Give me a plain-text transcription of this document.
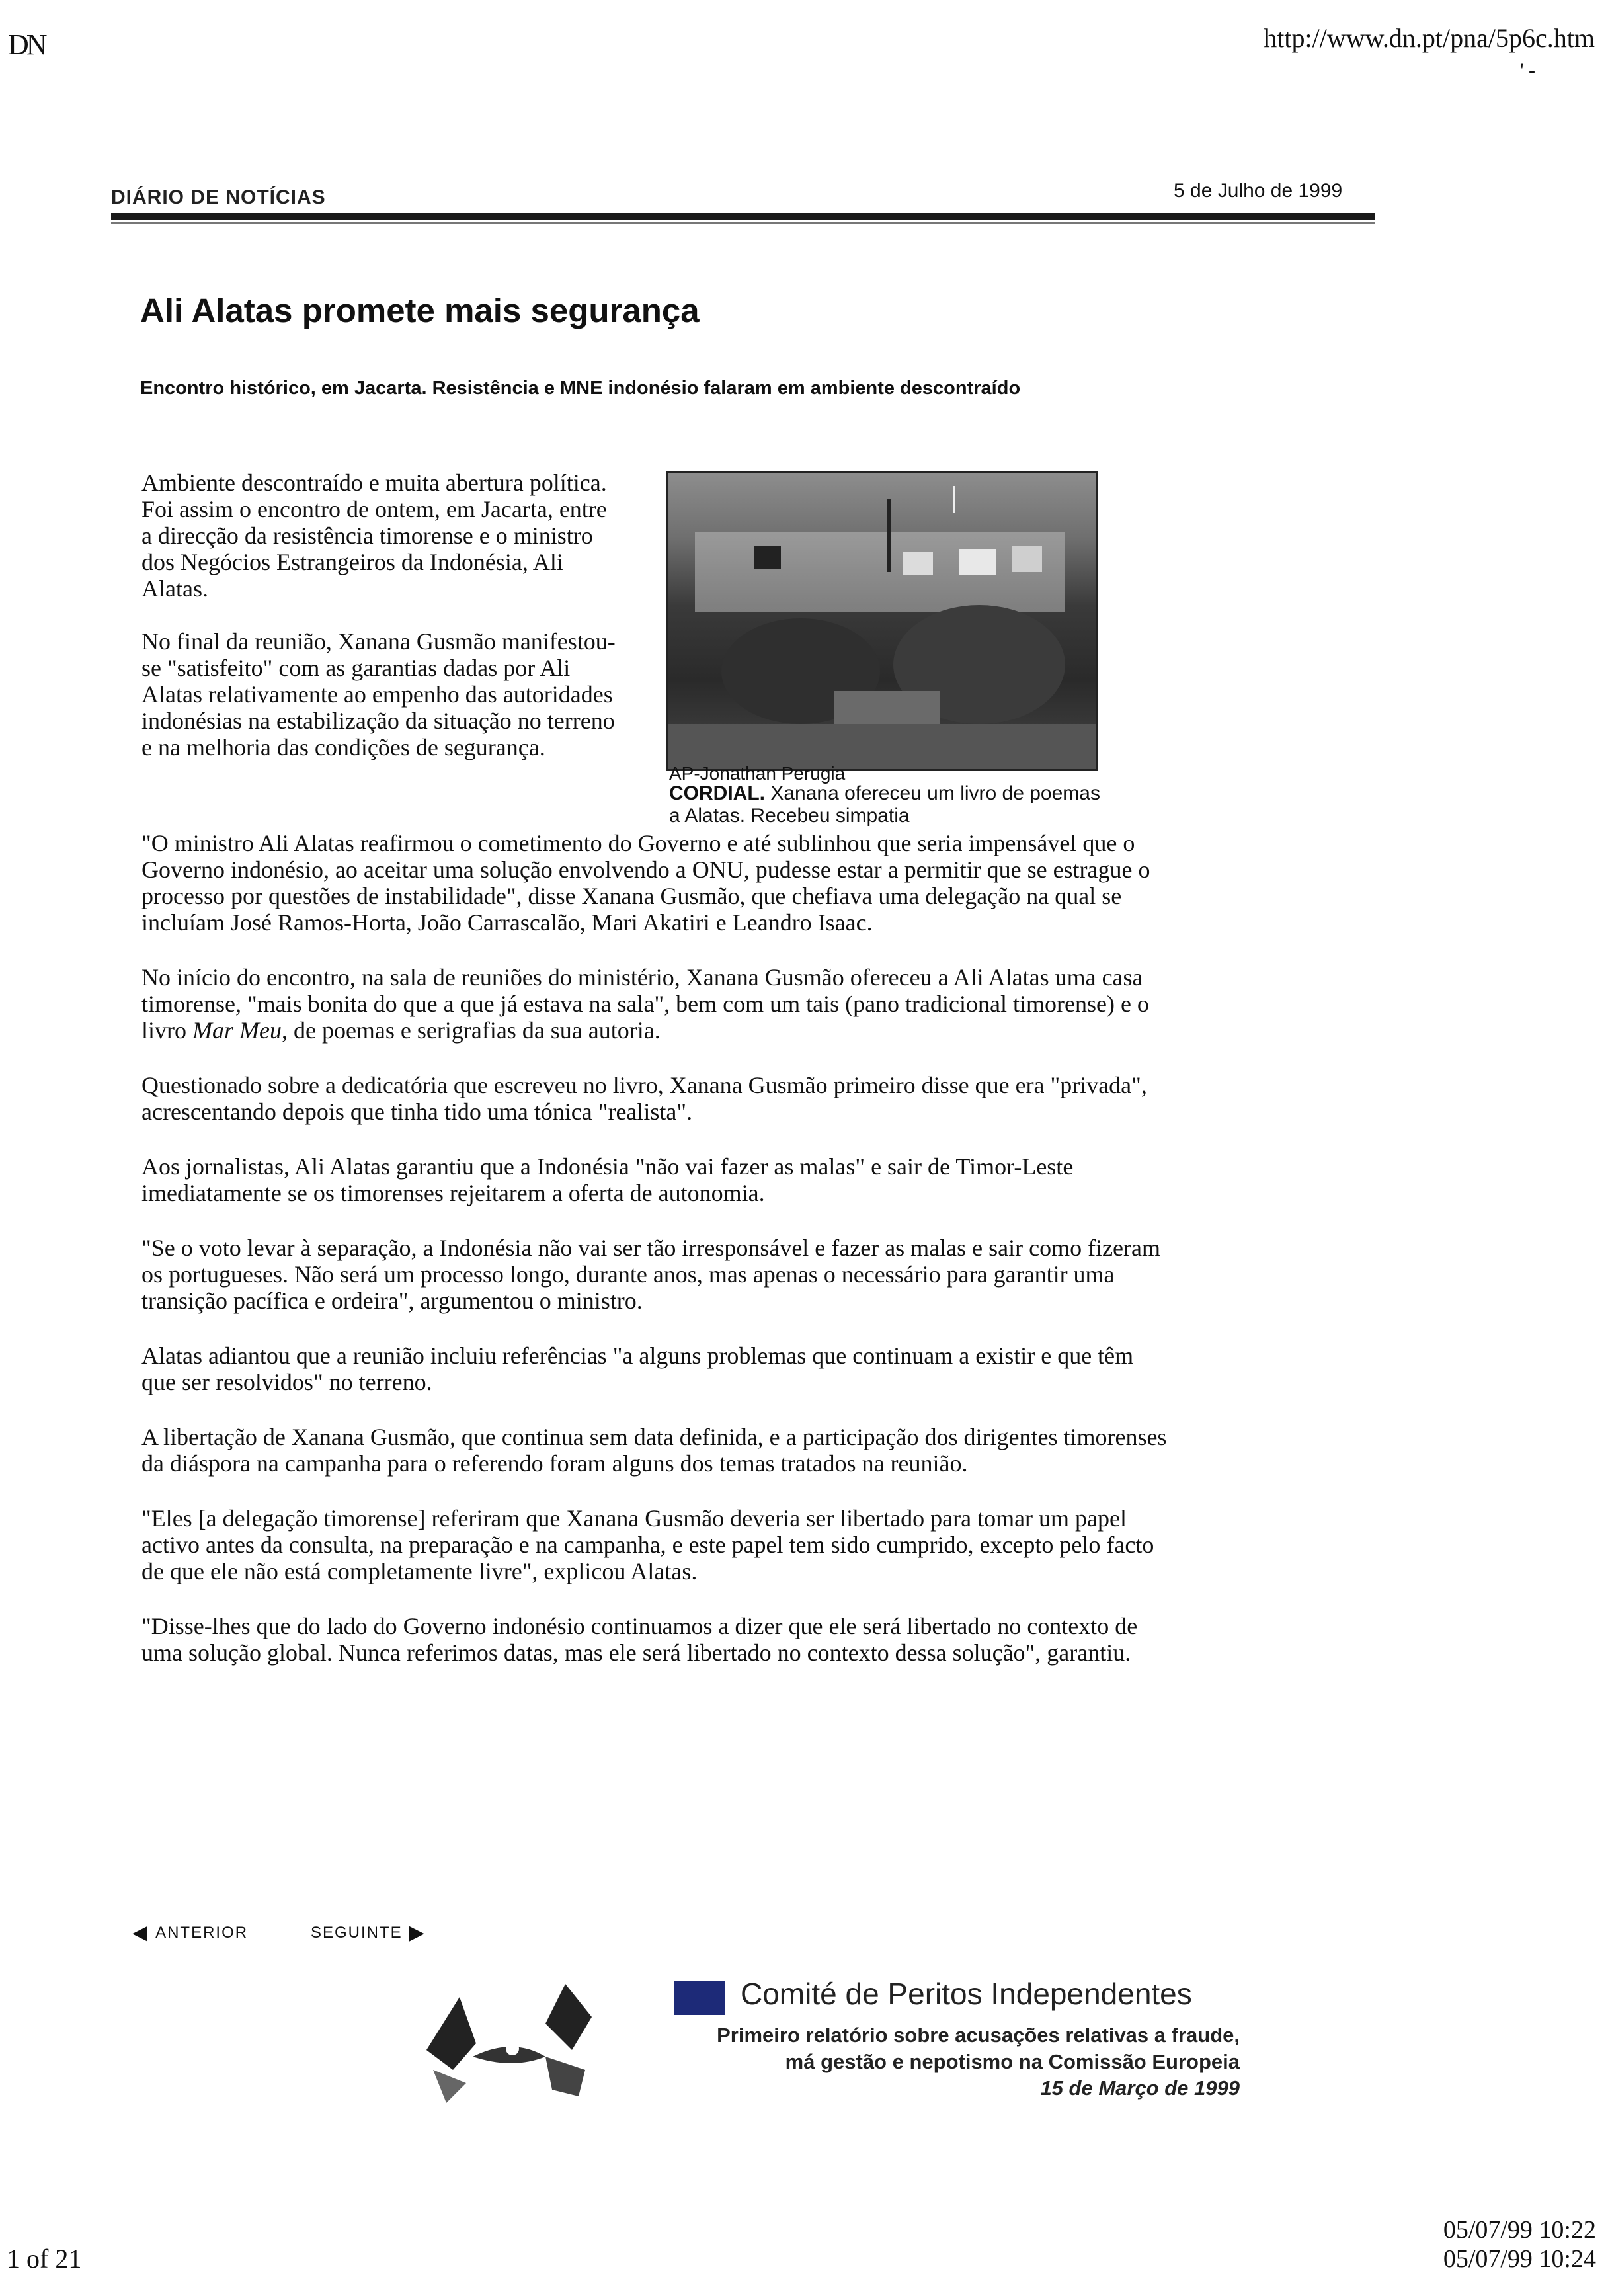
DN	http://www.dn.pt/pna/5p6c.htm
' -
DIÁRIO DE NOTÍCIAS	5 de Julho de 1999
Ali Alatas promete mais segurança
Encontro histórico, em Jacarta. Resistência e MNE indonésio falaram em ambiente descontraído

Ambiente descontraído e muita abertura política. Foi assim o encontro de ontem, em Jacarta, entre a direcção da resistência timorense e o ministro dos Negócios Estrangeiros da Indonésia, Ali Alatas.

No final da reunião, Xanana Gusmão manifestou-se "satisfeito" com as garantias dadas por Ali Alatas relativamente ao empenho das autoridades indonésias na estabilização da situação no terreno e na melhoria das condições de segurança.

AP-Jonathan Perugia
CORDIAL. Xanana ofereceu um livro de poemas a Alatas. Recebeu simpatia

"O ministro Ali Alatas reafirmou o cometimento do Governo e até sublinhou que seria impensável que o Governo indonésio, ao aceitar uma solução envolvendo a ONU, pudesse estar a permitir que se estrague o processo por questões de instabilidade", disse Xanana Gusmão, que chefiava uma delegação na qual se incluíam José Ramos-Horta, João Carrascalão, Mari Akatiri e Leandro Isaac.

No início do encontro, na sala de reuniões do ministério, Xanana Gusmão ofereceu a Ali Alatas uma casa timorense, "mais bonita do que a que já estava na sala", bem com um tais (pano tradicional timorense) e o livro Mar Meu, de poemas e serigrafias da sua autoria.

Questionado sobre a dedicatória que escreveu no livro, Xanana Gusmão primeiro disse que era "privada", acrescentando depois que tinha tido uma tónica "realista".

Aos jornalistas, Ali Alatas garantiu que a Indonésia "não vai fazer as malas" e sair de Timor-Leste imediatamente se os timorenses rejeitarem a oferta de autonomia.

"Se o voto levar à separação, a Indonésia não vai ser tão irresponsável e fazer as malas e sair como fizeram os portugueses. Não será um processo longo, durante anos, mas apenas o necessário para garantir uma transição pacífica e ordeira", argumentou o ministro.

Alatas adiantou que a reunião incluiu referências "a alguns problemas que continuam a existir e que têm que ser resolvidos" no terreno.

A libertação de Xanana Gusmão, que continua sem data definida, e a participação dos dirigentes timorenses da diáspora na campanha para o referendo foram alguns dos temas tratados na reunião.

"Eles [a delegação timorense] referiram que Xanana Gusmão deveria ser libertado para tomar um papel activo antes da consulta, na preparação e na campanha, e este papel tem sido cumprido, excepto pelo facto de que ele não está completamente livre", explicou Alatas.

"Disse-lhes que do lado do Governo indonésio continuamos a dizer que ele será libertado no contexto de uma solução global. Nunca referimos datas, mas ele será libertado no contexto dessa solução", garantiu.

◀ ANTERIOR	SEGUINTE ▶
Comité de Peritos Independentes
Primeiro relatório sobre acusações relativas a fraude,
má gestão e nepotismo na Comissão Europeia
15 de Março de 1999
1 of 21
05/07/99 10:22
05/07/99 10:24
